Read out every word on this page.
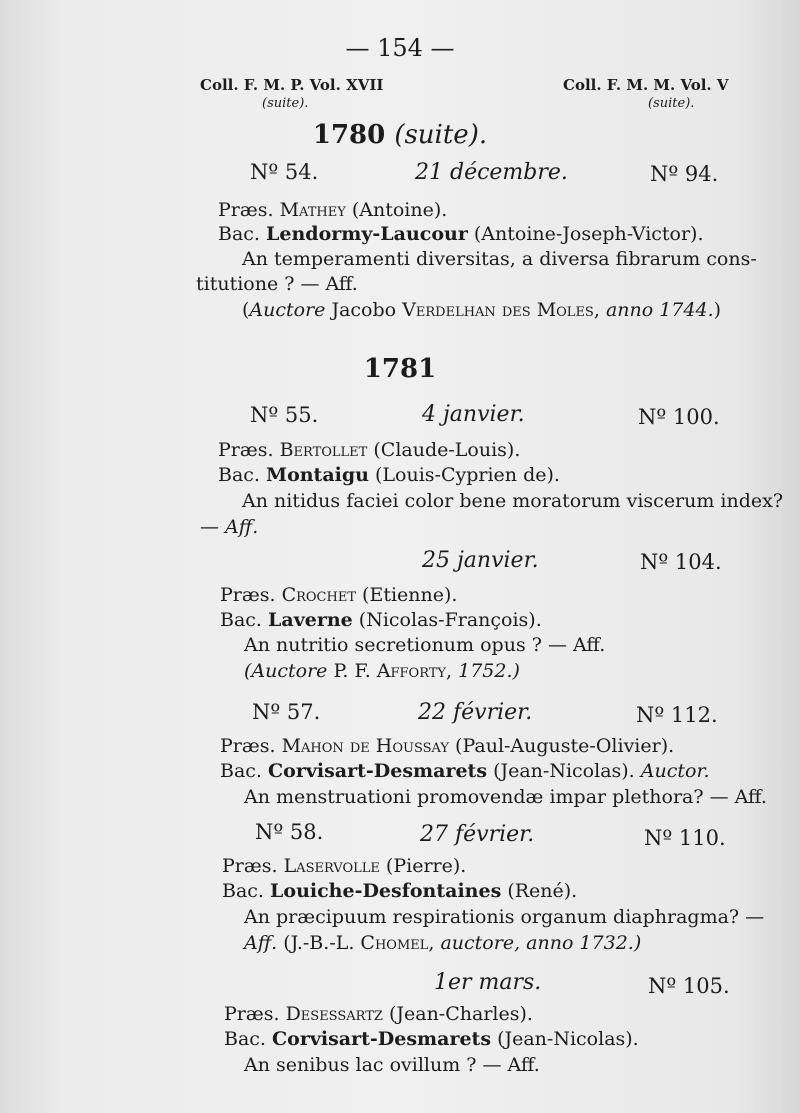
— 154 —
Coll. F. M. P. Vol. XVII
(suite).
Coll. F. M. M. Vol. V
(suite).
1780 (suite).
Nº 54.	21 décembre.	Nº 94.
Præs. Mathey (Antoine).
Bac. Lendormy-Laucour (Antoine-Joseph-Victor).
An temperamenti diversitas, a diversa fibrarum cons-
titutione ? — Aff.
(Auctore Jacobo Verdelhan des Moles, anno 1744.)
1781
Nº 55.	4 janvier.	Nº 100.
Præs. Bertollet (Claude-Louis).
Bac. Montaigu (Louis-Cyprien de).
An nitidus faciei color bene moratorum viscerum index?
— Aff.
25 janvier.	Nº 104.
Præs. Crochet (Etienne).
Bac. Laverne (Nicolas-François).
An nutritio secretionum opus ? — Aff.
(Auctore P. F. Afforty, 1752.)
Nº 57.	22 février.	Nº 112.
Præs. Mahon de Houssay (Paul-Auguste-Olivier).
Bac. Corvisart-Desmarets (Jean-Nicolas). Auctor.
An menstruationi promovendæ impar plethora? — Aff.
Nº 58.	27 février.	Nº 110.
Præs. Laservolle (Pierre).
Bac. Louiche-Desfontaines (René).
An præcipuum respirationis organum diaphragma? —
Aff. (J.-B.-L. Chomel, auctore, anno 1732.)
1er mars.	Nº 105.
Præs. Desessartz (Jean-Charles).
Bac. Corvisart-Desmarets (Jean-Nicolas).
An senibus lac ovillum ? — Aff.
